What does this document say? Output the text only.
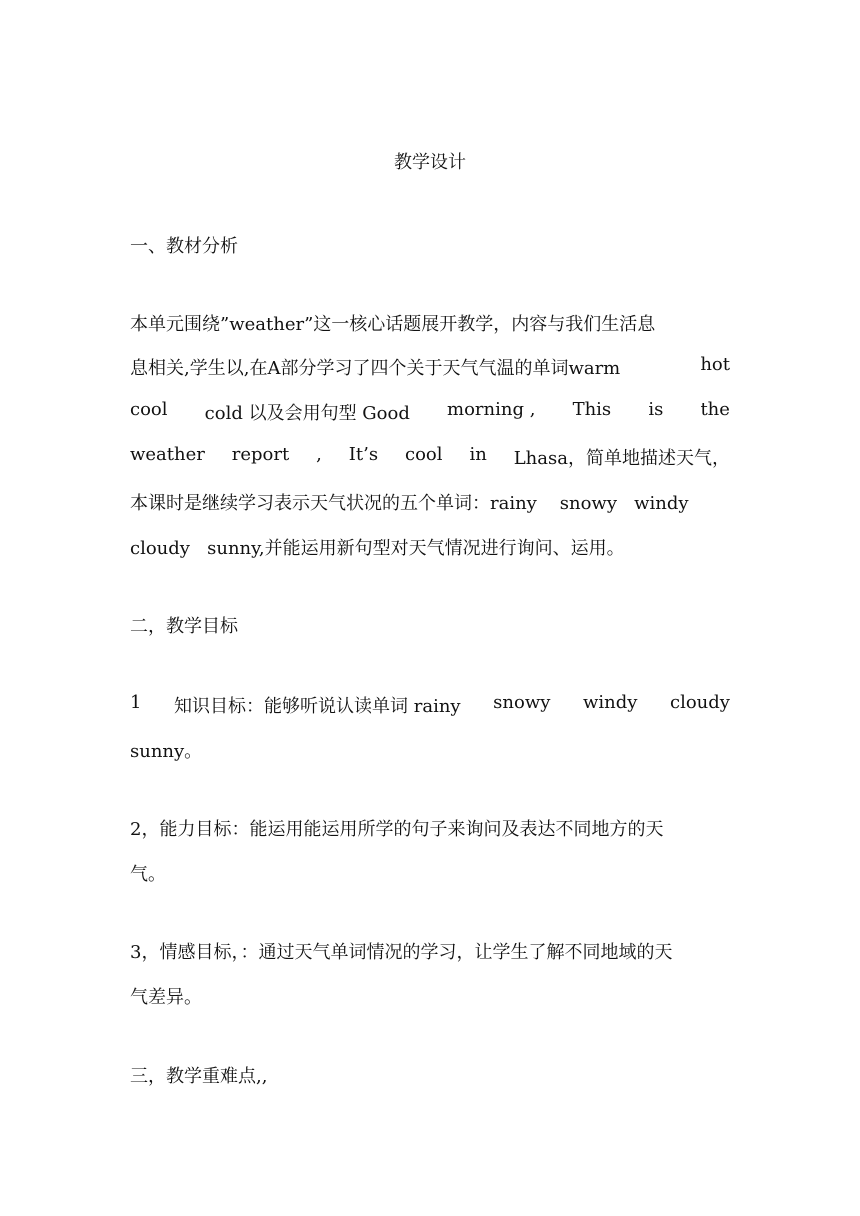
教学设计
一、教材分析
本单元围绕”weather”这一核心话题展开教学，内容与我们生活息
息相关,学生以,在A部分学习了四个关于天气气温的单词warm	hot
cool cold 以及会用句型 Good morning , This is the
weather report , It’s cool in Lhasa，简单地描述天气，
本课时是继续学习表示天气状况的五个单词：rainy    snowy   windy
cloudy   sunny,并能运用新句型对天气情况进行询问、运用。
二，教学目标
1 知识目标：能够听说认读单词 rainy snowy windy cloudy
sunny。
2，能力目标：能运用能运用所学的句子来询问及表达不同地方的天
气。
3，情感目标，：通过天气单词情况的学习，让学生了解不同地域的天
气差异。
三，教学重难点,,
